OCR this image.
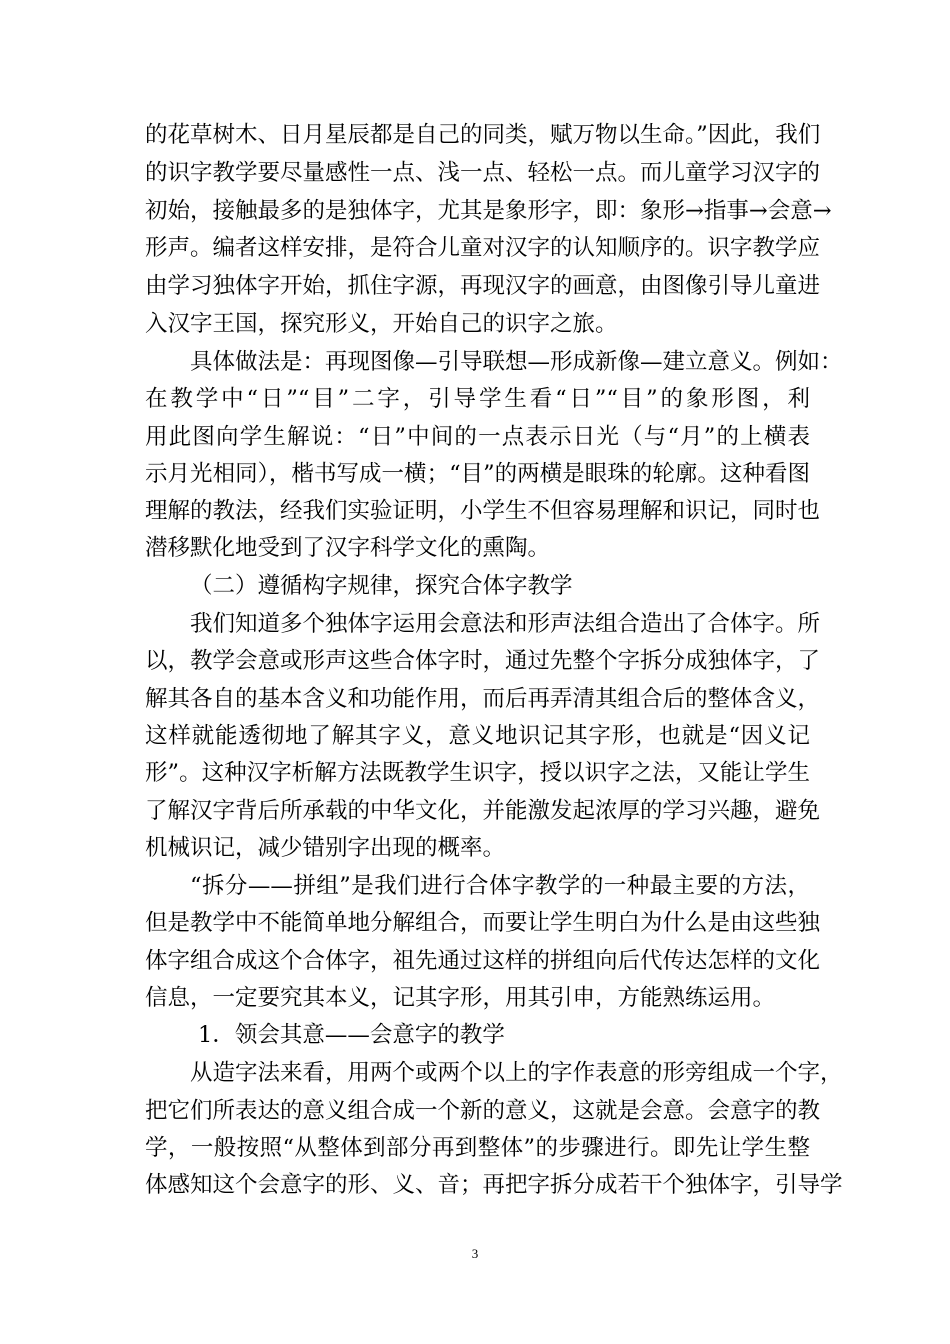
的花草树木、日月星辰都是自己的同类，赋万物以生命。”因此，我们
的识字教学要尽量感性一点、浅一点、轻松一点。而儿童学习汉字的
初始，接触最多的是独体字，尤其是象形字，即：象形→指事→会意→
形声。编者这样安排，是符合儿童对汉字的认知顺序的。识字教学应
由学习独体字开始，抓住字源，再现汉字的画意，由图像引导儿童进
入汉字王国，探究形义，开始自己的识字之旅。
具体做法是：再现图像—引导联想—形成新像—建立意义。例如：
在教学中“日”“目”二字，引导学生看“日”“目”的象形图，利
用此图向学生解说：“日”中间的一点表示日光（与“月”的上横表
示月光相同），楷书写成一横；“目”的两横是眼珠的轮廓。这种看图
理解的教法，经我们实验证明，小学生不但容易理解和识记，同时也
潜移默化地受到了汉字科学文化的熏陶。
（二）遵循构字规律，探究合体字教学
我们知道多个独体字运用会意法和形声法组合造出了合体字。所
以，教学会意或形声这些合体字时，通过先整个字拆分成独体字，了
解其各自的基本含义和功能作用，而后再弄清其组合后的整体含义，
这样就能透彻地了解其字义，意义地识记其字形，也就是“因义记
形”。这种汉字析解方法既教学生识字，授以识字之法，又能让学生
了解汉字背后所承载的中华文化，并能激发起浓厚的学习兴趣，避免
机械识记，减少错别字出现的概率。
“拆分——拼组”是我们进行合体字教学的一种最主要的方法，
但是教学中不能简单地分解组合，而要让学生明白为什么是由这些独
体字组合成这个合体字，祖先通过这样的拼组向后代传达怎样的文化
信息，一定要究其本义，记其字形，用其引申，方能熟练运用。
1．领会其意——会意字的教学
从造字法来看，用两个或两个以上的字作表意的形旁组成一个字，
把它们所表达的意义组合成一个新的意义，这就是会意。会意字的教
学，一般按照“从整体到部分再到整体”的步骤进行。即先让学生整
体感知这个会意字的形、义、音；再把字拆分成若干个独体字，引导学
3
